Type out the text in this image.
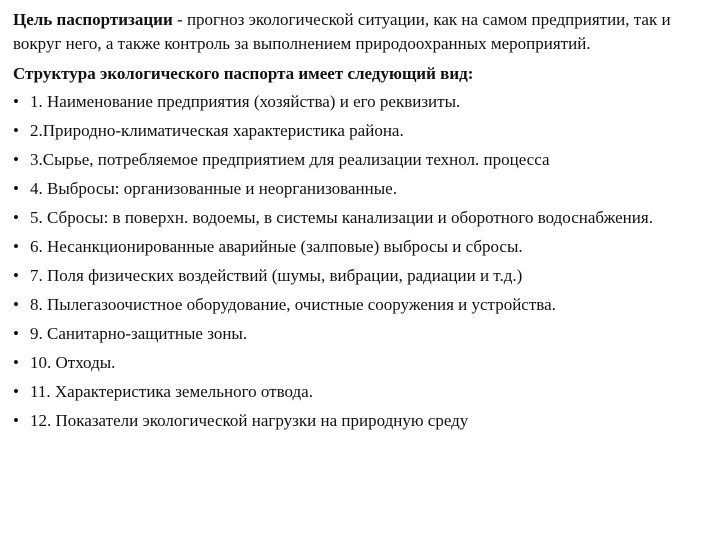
Цель паспортизации - прогноз экологической ситуации, как на самом предприятии, так и вокруг него, а также контроль за выполнением природоохранных мероприятий.

Структура экологического паспорта имеет следующий вид:

• 1. Наименование предприятия (хозяйства) и его реквизиты.
• 2.Природно-климатическая характеристика района.
• 3.Сырье, потребляемое предприятием для реализации технол. процесса
• 4. Выбросы: организованные и неорганизованные.
• 5. Сбросы: в поверхн. водоемы, в системы канализации и оборотного водоснабжения.
• 6. Несанкционированные аварийные (залповые) выбросы и сбросы.
• 7. Поля физических воздействий (шумы, вибрации, радиации и т.д.)
• 8. Пылегазоочистное оборудование, очистные сооружения и устройства.
• 9. Санитарно-защитные зоны.
• 10. Отходы.
• 11. Характеристика земельного отвода.
• 12. Показатели экологической нагрузки на природную среду
